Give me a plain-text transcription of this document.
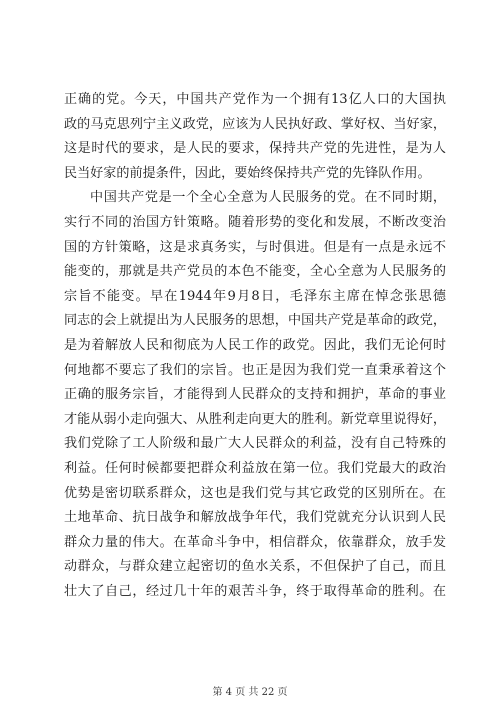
正确的党。今天，中国共产党作为一个拥有13亿人口的大国执
政的马克思列宁主义政党，应该为人民执好政、掌好权、当好家，
这是时代的要求，是人民的要求，保持共产党的先进性，是为人
民当好家的前提条件，因此，要始终保持共产党的先锋队作用。
中国共产党是一个全心全意为人民服务的党。在不同时期，
实行不同的治国方针策略。随着形势的变化和发展，不断改变治
国的方针策略，这是求真务实，与时俱进。但是有一点是永远不
能变的，那就是共产党员的本色不能变，全心全意为人民服务的
宗旨不能变。早在1944年9月8日，毛泽东主席在悼念张思德
同志的会上就提出为人民服务的思想，中国共产党是革命的政党，
是为着解放人民和彻底为人民工作的政党。因此，我们无论何时
何地都不要忘了我们的宗旨。也正是因为我们党一直秉承着这个
正确的服务宗旨，才能得到人民群众的支持和拥护，革命的事业
才能从弱小走向强大、从胜利走向更大的胜利。新党章里说得好，
我们党除了工人阶级和最广大人民群众的利益，没有自己特殊的
利益。任何时候都要把群众利益放在第一位。我们党最大的政治
优势是密切联系群众，这也是我们党与其它政党的区别所在。在
土地革命、抗日战争和解放战争年代，我们党就充分认识到人民
群众力量的伟大。在革命斗争中，相信群众，依靠群众，放手发
动群众，与群众建立起密切的鱼水关系，不但保护了自己，而且
壮大了自己，经过几十年的艰苦斗争，终于取得革命的胜利。在
第 4 页 共 22 页
